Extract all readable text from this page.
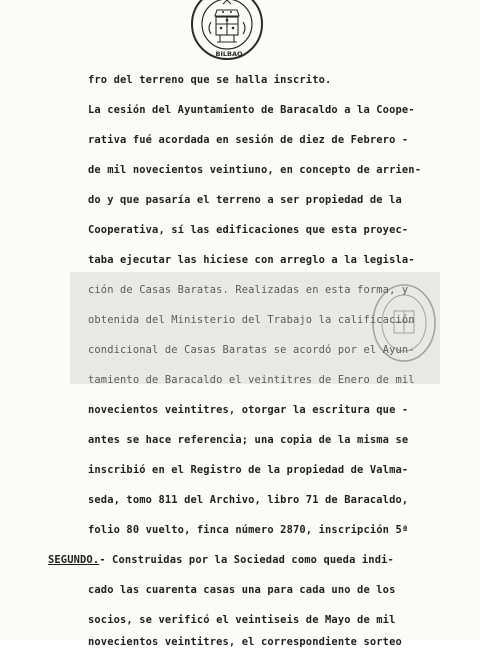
BILBAO
fro del terreno que se halla inscrito.
La cesión del Ayuntamiento de Baracaldo a la Coope-
rativa fué acordada en sesión de diez de Febrero -
de mil novecientos veintiuno, en concepto de arrien-
do y que pasaría el terreno a ser propiedad de la
Cooperativa, sí las edificaciones que esta proyec-
taba ejecutar las hiciese con arreglo a la legisla-
ción de Casas Baratas. Realizadas en esta forma, y
obtenida del Ministerio del Trabajo la calificación
condicional de Casas Baratas se acordó por el Ayun-
tamiento de Baracaldo el veintitres de Enero de mil
novecientos veintitres, otorgar la escritura que -
antes se hace referencia; una copia de la misma se
inscribió en el Registro de la propiedad de Valma-
seda, tomo 811 del Archivo, libro 71 de Baracaldo,
folio 80 vuelto, finca número 2870, inscripción 5ª
SEGUNDO.- Construidas por la Sociedad como queda indi-
cado las cuarenta casas una para cada uno de los
socios, se verificó el veintiseis de Mayo de mil
novecientos veintitres, el correspondiente sorteo
